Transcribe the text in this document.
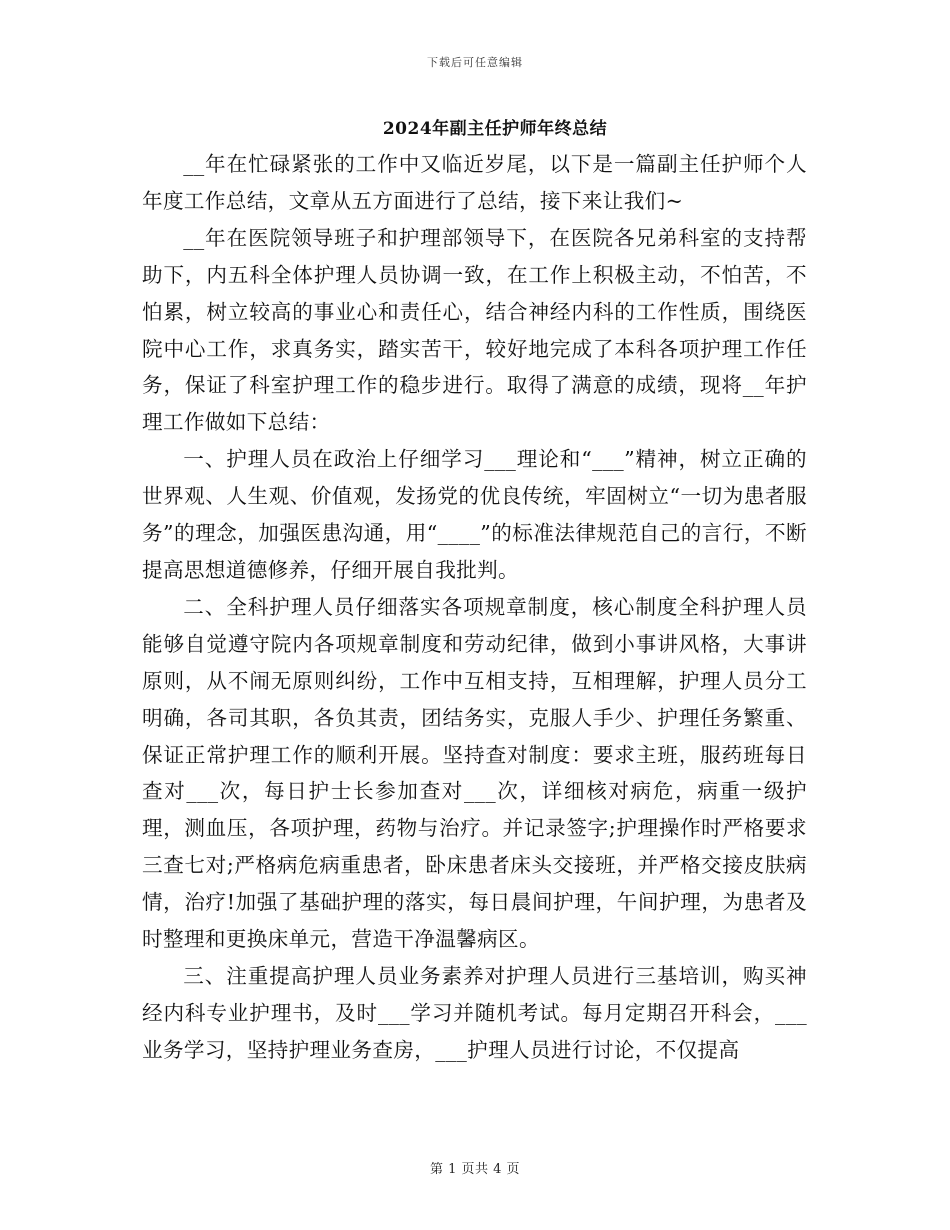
下载后可任意编辑
2024年副主任护师年终总结

__年在忙碌紧张的工作中又临近岁尾，以下是一篇副主任护师个人年度工作总结，文章从五方面进行了总结，接下来让我们~

__年在医院领导班子和护理部领导下，在医院各兄弟科室的支持帮助下，内五科全体护理人员协调一致，在工作上积极主动，不怕苦，不怕累，树立较高的事业心和责任心，结合神经内科的工作性质，围绕医院中心工作，求真务实，踏实苦干，较好地完成了本科各项护理工作任务，保证了科室护理工作的稳步进行。取得了满意的成绩，现将__年护理工作做如下总结：

一、护理人员在政治上仔细学习___理论和“___”精神，树立正确的世界观、人生观、价值观，发扬党的优良传统，牢固树立“一切为患者服务”的理念，加强医患沟通，用“____”的标准法律规范自己的言行，不断提高思想道德修养，仔细开展自我批判。

二、全科护理人员仔细落实各项规章制度，核心制度全科护理人员能够自觉遵守院内各项规章制度和劳动纪律，做到小事讲风格，大事讲原则，从不闹无原则纠纷，工作中互相支持，互相理解，护理人员分工明确，各司其职，各负其责，团结务实，克服人手少、护理任务繁重、保证正常护理工作的顺利开展。坚持查对制度：要求主班，服药班每日查对___次，每日护士长参加查对___次，详细核对病危，病重一级护理，测血压，各项护理，药物与治疗。并记录签字;护理操作时严格要求三查七对;严格病危病重患者，卧床患者床头交接班，并严格交接皮肤病情，治疗!加强了基础护理的落实，每日晨间护理，午间护理，为患者及时整理和更换床单元，营造干净温馨病区。

三、注重提高护理人员业务素养对护理人员进行三基培训，购买神经内科专业护理书，及时___学习并随机考试。每月定期召开科会，___业务学习，坚持护理业务查房，___护理人员进行讨论，不仅提高

第 1 页共 4 页
